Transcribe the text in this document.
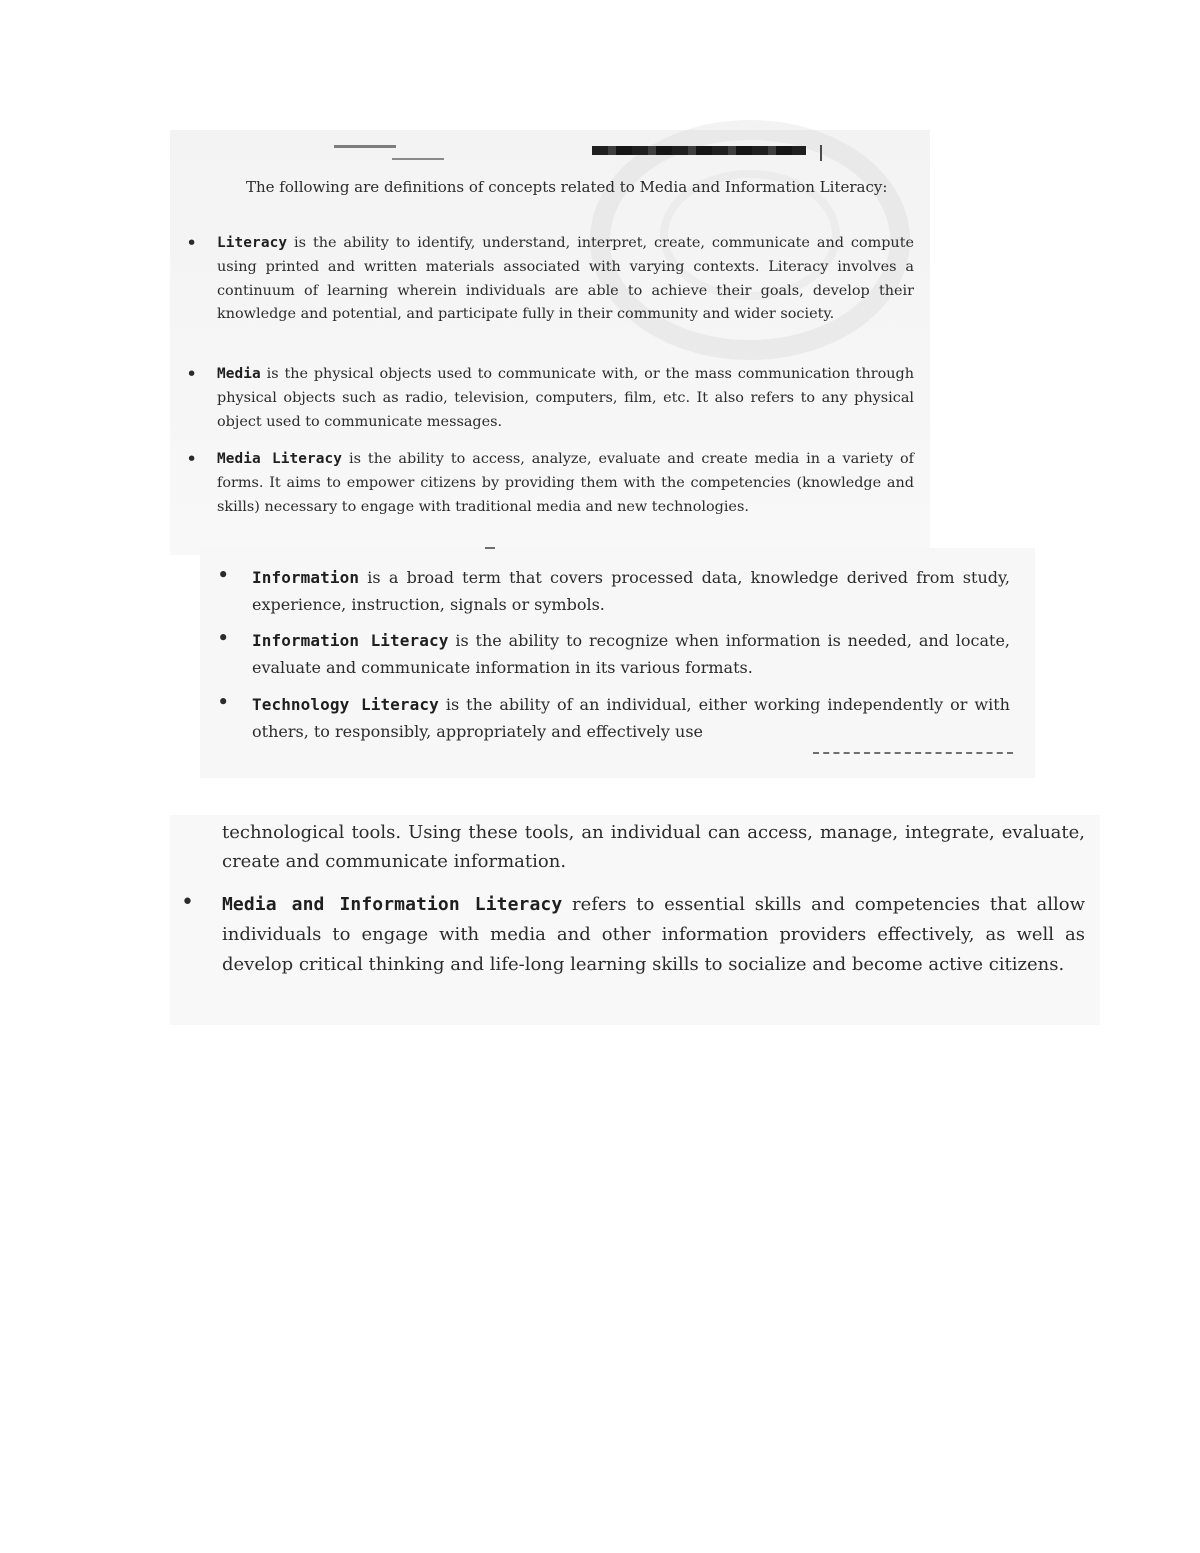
The following are definitions of concepts related to Media and Information Literacy:
• Literacy is the ability to identify, understand, interpret, create, communicate and compute using printed and written materials associated with varying contexts. Literacy involves a continuum of learning wherein individuals are able to achieve their goals, develop their knowledge and potential, and participate fully in their community and wider society.
• Media is the physical objects used to communicate with, or the mass communication through physical objects such as radio, television, computers, film, etc. It also refers to any physical object used to communicate messages.
• Media Literacy is the ability to access, analyze, evaluate and create media in a variety of forms. It aims to empower citizens by providing them with the competencies (knowledge and skills) necessary to engage with traditional media and new technologies.
• Information is a broad term that covers processed data, knowledge derived from study, experience, instruction, signals or symbols.
• Information Literacy is the ability to recognize when information is needed, and locate, evaluate and communicate information in its various formats.
• Technology Literacy is the ability of an individual, either working independently or with others, to responsibly, appropriately and effectively use
technological tools. Using these tools, an individual can access, manage, integrate, evaluate, create and communicate information.
• Media and Information Literacy refers to essential skills and competencies that allow individuals to engage with media and other information providers effectively, as well as develop critical thinking and life-long learning skills to socialize and become active citizens.
